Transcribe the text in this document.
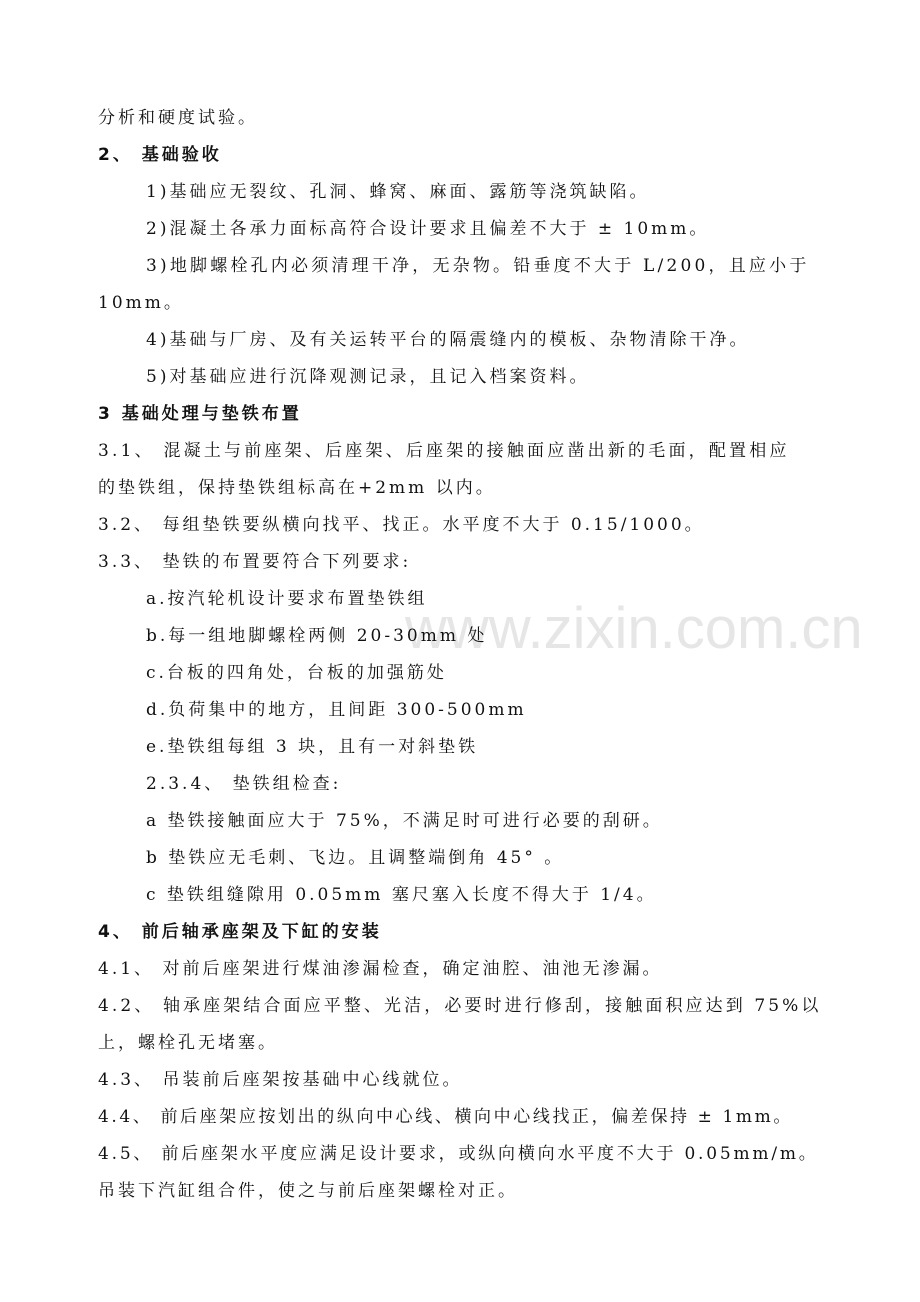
www.zixin.com.cn
分析和硬度试验。
2、 基础验收
1)基础应无裂纹、孔洞、蜂窝、麻面、露筋等浇筑缺陷。
2)混凝土各承力面标高符合设计要求且偏差不大于 ± 10mm。
3)地脚螺栓孔内必须清理干净，无杂物。铅垂度不大于 L/200，且应小于
10mm。
4)基础与厂房、及有关运转平台的隔震缝内的模板、杂物清除干净。
5)对基础应进行沉降观测记录，且记入档案资料。
3 基础处理与垫铁布置
3.1、 混凝土与前座架、后座架、后座架的接触面应凿出新的毛面，配置相应
的垫铁组，保持垫铁组标高在+2mm 以内。
3.2、 每组垫铁要纵横向找平、找正。水平度不大于 0.15/1000。
3.3、 垫铁的布置要符合下列要求:
a.按汽轮机设计要求布置垫铁组
b.每一组地脚螺栓两侧 20-30mm 处
c.台板的四角处，台板的加强筋处
d.负荷集中的地方，且间距 300-500mm
e.垫铁组每组 3 块，且有一对斜垫铁
2.3.4、 垫铁组检查:
a 垫铁接触面应大于 75%，不满足时可进行必要的刮研。
b 垫铁应无毛刺、飞边。且调整端倒角 45° 。
c 垫铁组缝隙用 0.05mm 塞尺塞入长度不得大于 1/4。
4、 前后轴承座架及下缸的安装
4.1、 对前后座架进行煤油渗漏检查，确定油腔、油池无渗漏。
4.2、 轴承座架结合面应平整、光洁，必要时进行修刮，接触面积应达到 75%以
上，螺栓孔无堵塞。
4.3、 吊装前后座架按基础中心线就位。
4.4、 前后座架应按划出的纵向中心线、横向中心线找正，偏差保持 ± 1mm。
4.5、 前后座架水平度应满足设计要求，或纵向横向水平度不大于 0.05mm/m。
吊装下汽缸组合件，使之与前后座架螺栓对正。
